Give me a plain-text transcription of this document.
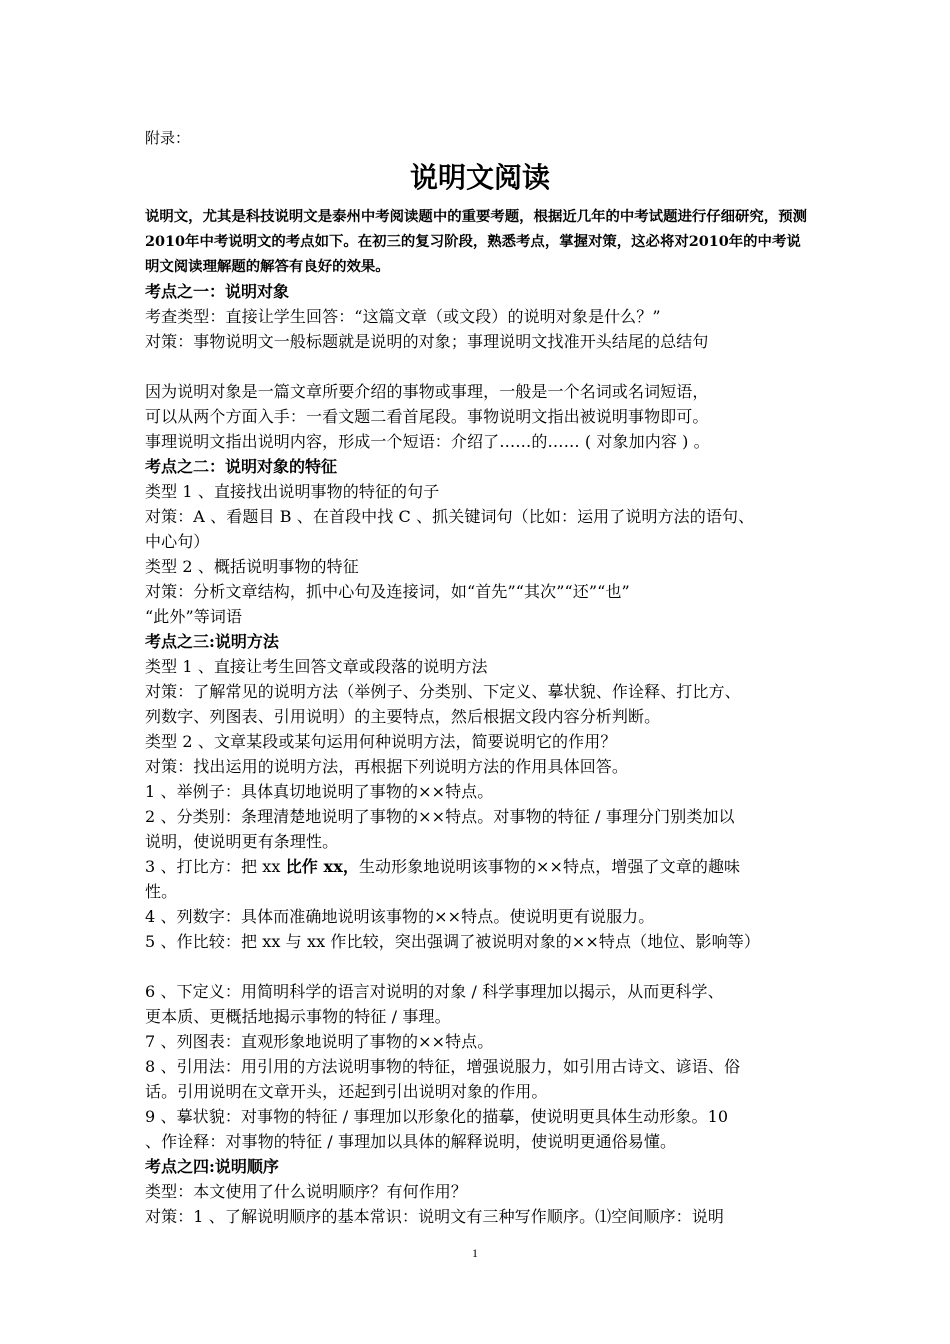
附录：

说明文阅读

说明文，尤其是科技说明文是泰州中考阅读题中的重要考题，根据近几年的中考试题进行仔细研究，预测2010年中考说明文的考点如下。在初三的复习阶段，熟悉考点，掌握对策，这必将对2010年的中考说明文阅读理解题的解答有良好的效果。

考点之一：说明对象

考查类型：直接让学生回答：“这篇文章（或文段）的说明对象是什么？”

对策：事物说明文一般标题就是说明的对象；事理说明文找准开头结尾的总结句

因为说明对象是一篇文章所要介绍的事物或事理，一般是一个名词或名词短语，

可以从两个方面入手：一看文题二看首尾段。事物说明文指出被说明事物即可。

事理说明文指出说明内容，形成一个短语：介绍了……的…… ( 对象加内容 ) 。

考点之二：说明对象的特征

类型 1 、直接找出说明事物的特征的句子

对策：A 、看题目 B 、在首段中找 C 、抓关键词句（比如：运用了说明方法的语句、

中心句）

类型 2 、概括说明事物的特征

对策：分析文章结构，抓中心句及连接词，如“首先”“其次”“还”“也”

“此外”等词语

考点之三:说明方法

类型 1 、直接让考生回答文章或段落的说明方法

对策：了解常见的说明方法（举例子、分类别、下定义、摹状貌、作诠释、打比方、

列数字、列图表、引用说明）的主要特点，然后根据文段内容分析判断。

类型 2 、文章某段或某句运用何种说明方法，简要说明它的作用？

对策：找出运用的说明方法，再根据下列说明方法的作用具体回答。

1 、举例子：具体真切地说明了事物的××特点。

2 、分类别：条理清楚地说明了事物的××特点。对事物的特征 / 事理分门别类加以

说明，使说明更有条理性。

3 、打比方：把 xx 比作 xx，生动形象地说明该事物的××特点，增强了文章的趣味

性。

4 、列数字：具体而准确地说明该事物的××特点。使说明更有说服力。

5 、作比较：把 xx 与 xx 作比较，突出强调了被说明对象的××特点（地位、影响等）

6 、下定义：用简明科学的语言对说明的对象 / 科学事理加以揭示，从而更科学、

更本质、更概括地揭示事物的特征 / 事理。

7 、列图表：直观形象地说明了事物的××特点。

8 、引用法：用引用的方法说明事物的特征，增强说服力，如引用古诗文、谚语、俗

话。引用说明在文章开头，还起到引出说明对象的作用。

9 、摹状貌：对事物的特征 / 事理加以形象化的描摹，使说明更具体生动形象。10

、作诠释：对事物的特征 / 事理加以具体的解释说明，使说明更通俗易懂。

考点之四:说明顺序

类型：本文使用了什么说明顺序？有何作用？

对策：1 、了解说明顺序的基本常识：说明文有三种写作顺序。⑴空间顺序：说明

1
